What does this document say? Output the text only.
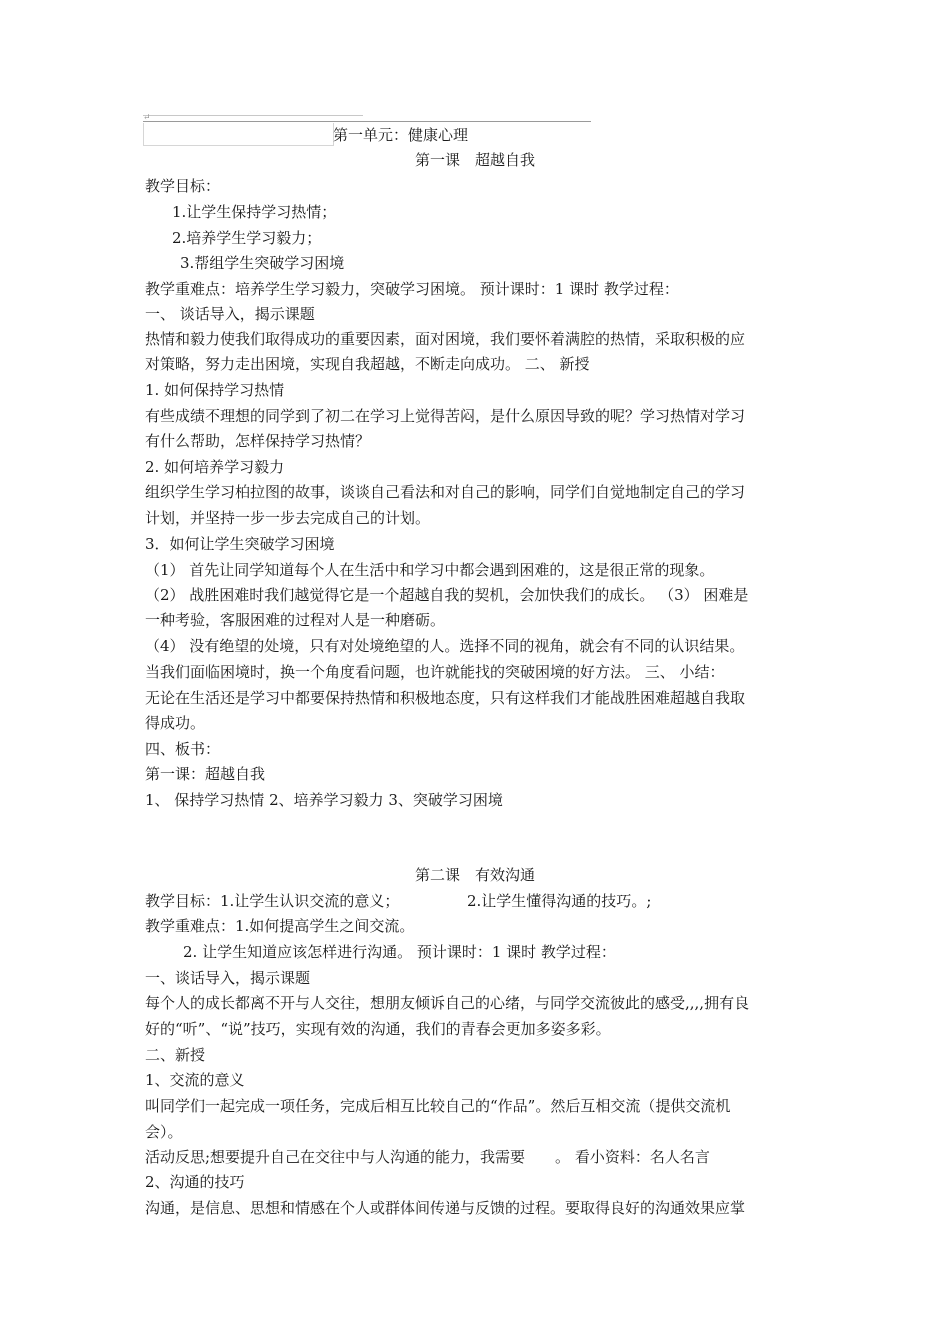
↵
第一单元：健康心理
第一课　超越自我
教学目标：
1.让学生保持学习热情；
2.培养学生学习毅力；
3.帮组学生突破学习困境
教学重难点：培养学生学习毅力，突破学习困境。 预计课时：1 课时 教学过程：
一、 谈话导入，揭示课题
热情和毅力使我们取得成功的重要因素，面对困境，我们要怀着满腔的热情，采取积极的应
对策略，努力走出困境，实现自我超越，不断走向成功。 二、 新授
1. 如何保持学习热情
有些成绩不理想的同学到了初二在学习上觉得苦闷，是什么原因导致的呢？学习热情对学习
有什么帮助，怎样保持学习热情？
2. 如何培养学习毅力
组织学生学习柏拉图的故事，谈谈自己看法和对自己的影响，同学们自觉地制定自己的学习
计划，并坚持一步一步去完成自己的计划。
3．如何让学生突破学习困境
（1） 首先让同学知道每个人在生活中和学习中都会遇到困难的，这是很正常的现象。
（2） 战胜困难时我们越觉得它是一个超越自我的契机，会加快我们的成长。 （3） 困难是
一种考验，客服困难的过程对人是一种磨砺。
（4） 没有绝望的处境，只有对处境绝望的人。选择不同的视角，就会有不同的认识结果。
当我们面临困境时，换一个角度看问题，也许就能找的突破困境的好方法。 三、 小结：
无论在生活还是学习中都要保持热情和积极地态度，只有这样我们才能战胜困难超越自我取
得成功。
四、板书：
第一课：超越自我
1、 保持学习热情 2、培养学习毅力 3、突破学习困境
第二课　有效沟通
教学目标：1.让学生认识交流的意义；	2.让学生懂得沟通的技巧。;
教学重难点：1.如何提高学生之间交流。
2. 让学生知道应该怎样进行沟通。 预计课时：1 课时 教学过程：
一、谈话导入，揭示课题
每个人的成长都离不开与人交往，想朋友倾诉自己的心绪，与同学交流彼此的感受,,,,拥有良
好的“听”、“说”技巧，实现有效的沟通，我们的青春会更加多姿多彩。
二、新授
1、交流的意义
叫同学们一起完成一项任务，完成后相互比较自己的“作品”。然后互相交流（提供交流机
会）。
活动反思;想要提升自己在交往中与人沟通的能力，我需要　　。 看小资料：名人名言
2、沟通的技巧
沟通，是信息、思想和情感在个人或群体间传递与反馈的过程。要取得良好的沟通效果应掌
